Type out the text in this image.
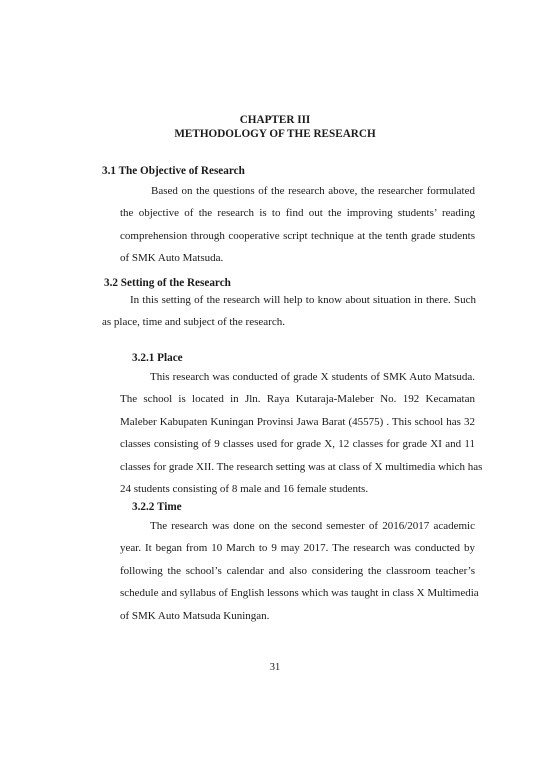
CHAPTER III
METHODOLOGY OF THE RESEARCH
3.1 The Objective of Research
Based on the questions of the research above, the researcher formulated
the objective of the research is to find out the improving students’ reading
comprehension through cooperative script technique at the tenth grade students
of SMK Auto Matsuda.
3.2 Setting of the Research
In this setting of the research will help to know about situation in there. Such
as place, time and subject of the research.
3.2.1 Place
This research was conducted of grade X students of SMK Auto Matsuda.
The school is located in Jln. Raya Kutaraja-Maleber No. 192 Kecamatan
Maleber Kabupaten Kuningan Provinsi Jawa Barat (45575) . This school has 32
classes consisting of 9 classes used for grade X, 12 classes for grade XI and 11
classes for grade XII. The research setting was at class of X multimedia which has
24 students consisting of 8 male and 16 female students.
3.2.2 Time
The research was done on the second semester of 2016/2017 academic
year. It began from 10 March to 9 may 2017. The research was conducted by
following the school’s calendar and also considering the classroom teacher’s
schedule and syllabus of English lessons which was taught in class X Multimedia
of SMK Auto Matsuda Kuningan.
31
